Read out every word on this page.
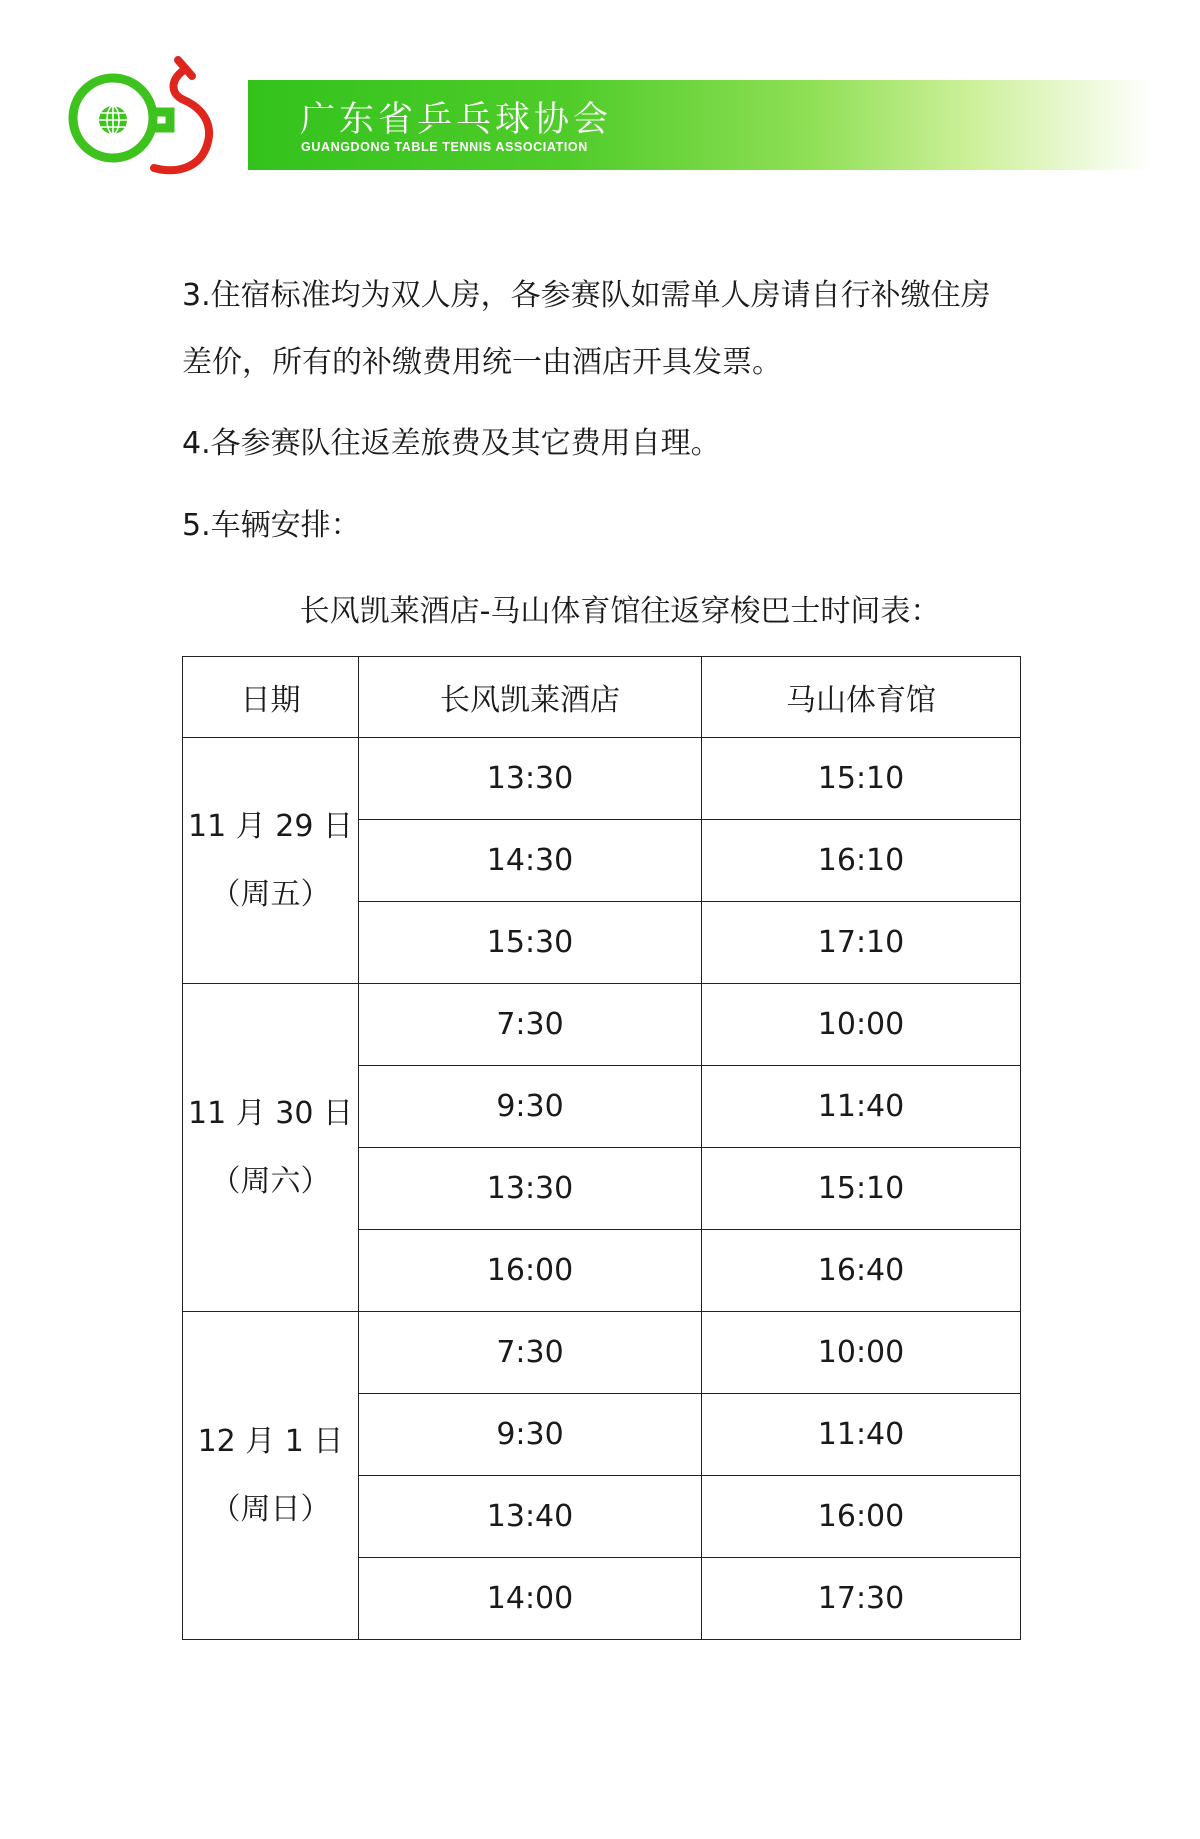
广东省乒乓球协会
GUANGDONG TABLE TENNIS ASSOCIATION
3.住宿标准均为双人房，各参赛队如需单人房请自行补缴住房
差价，所有的补缴费用统一由酒店开具发票。
4.各参赛队往返差旅费及其它费用自理。
5.车辆安排：
长风凯莱酒店-马山体育馆往返穿梭巴士时间表：
日期	长风凯莱酒店	马山体育馆

11 月 29 日
（周五）	13:30	15:10
	14:30	16:10
	15:30	17:10

11 月 30 日
（周六）	7:30	10:00
	9:30	11:40
	13:30	15:10
	16:00	16:40

12 月 1 日
（周日）	7:30	10:00
	9:30	11:40
	13:40	16:00
	14:00	17:30
